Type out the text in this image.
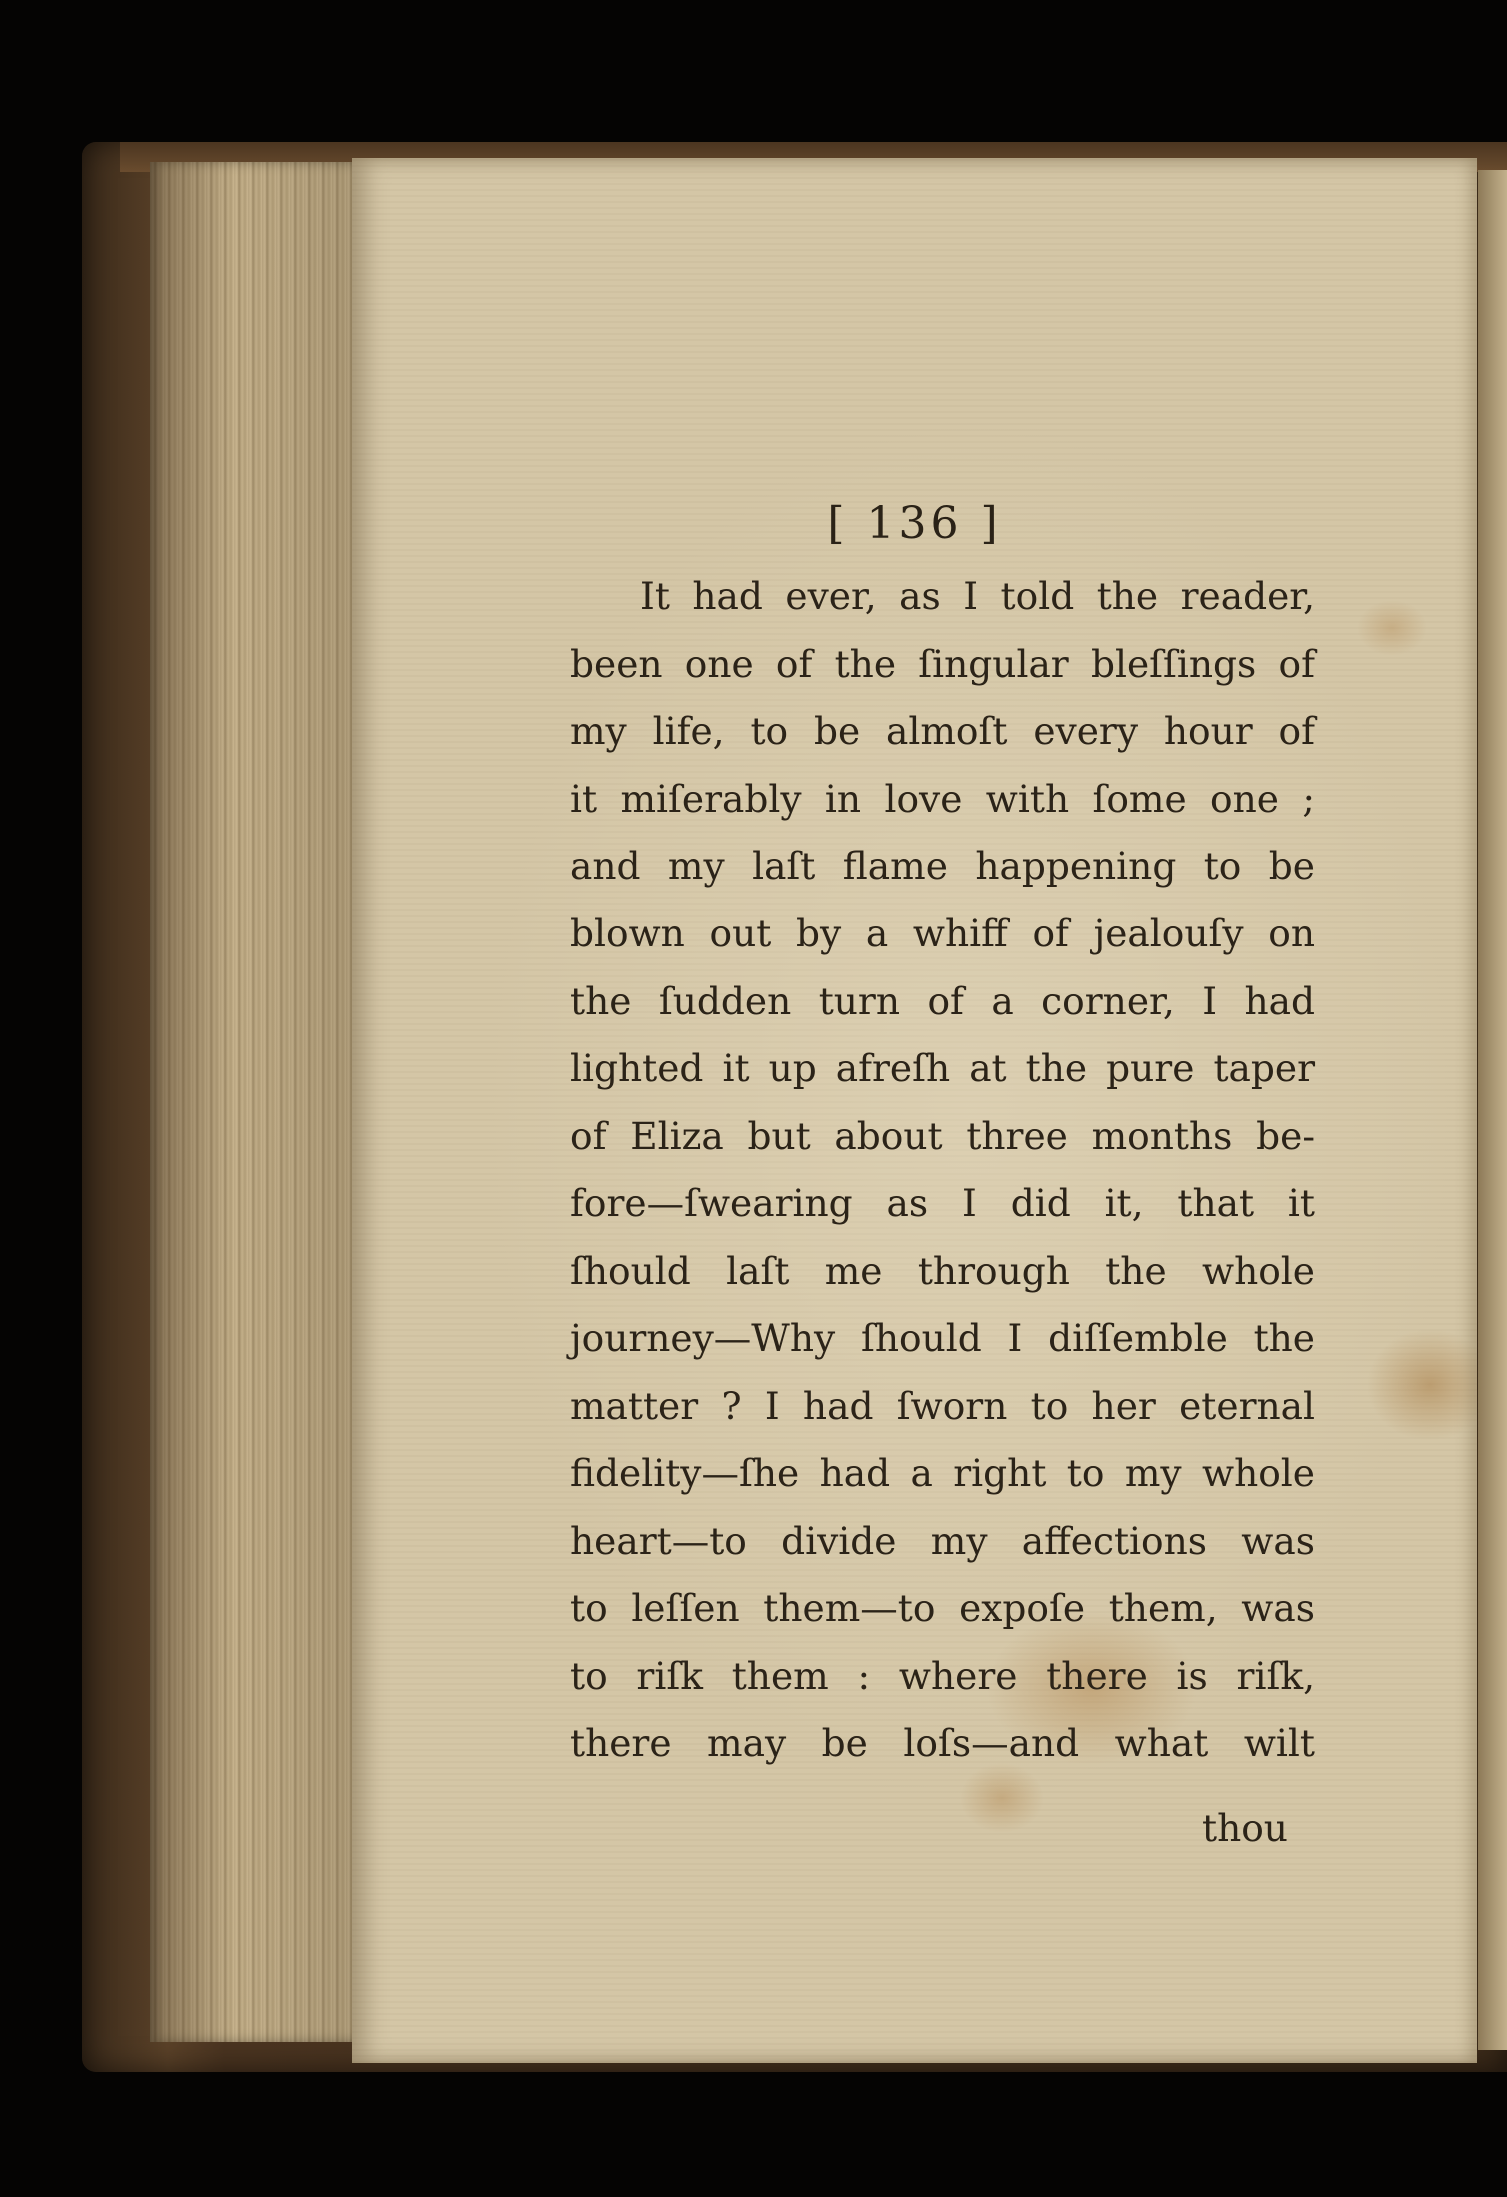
[ 136 ]
It had ever, as I told the reader,
been one of the ſingular bleſſings of
my life, to be almoſt every hour of
it miſerably in love with ſome one ;
and my laſt flame happening to be
blown out by a whiff of jealouſy on
the ſudden turn of a corner, I had
lighted it up afreſh at the pure taper
of Eliza but about three months be-
fore—ſwearing as I did it, that it
ſhould laſt me through the whole
journey—Why ſhould I diſſemble the
matter ? I had ſworn to her eternal
fidelity—ſhe had a right to my whole
heart—to divide my affections was
to leſſen them—to expoſe them, was
to riſk them : where there is riſk,
there may be loſs—and what wilt
thou
